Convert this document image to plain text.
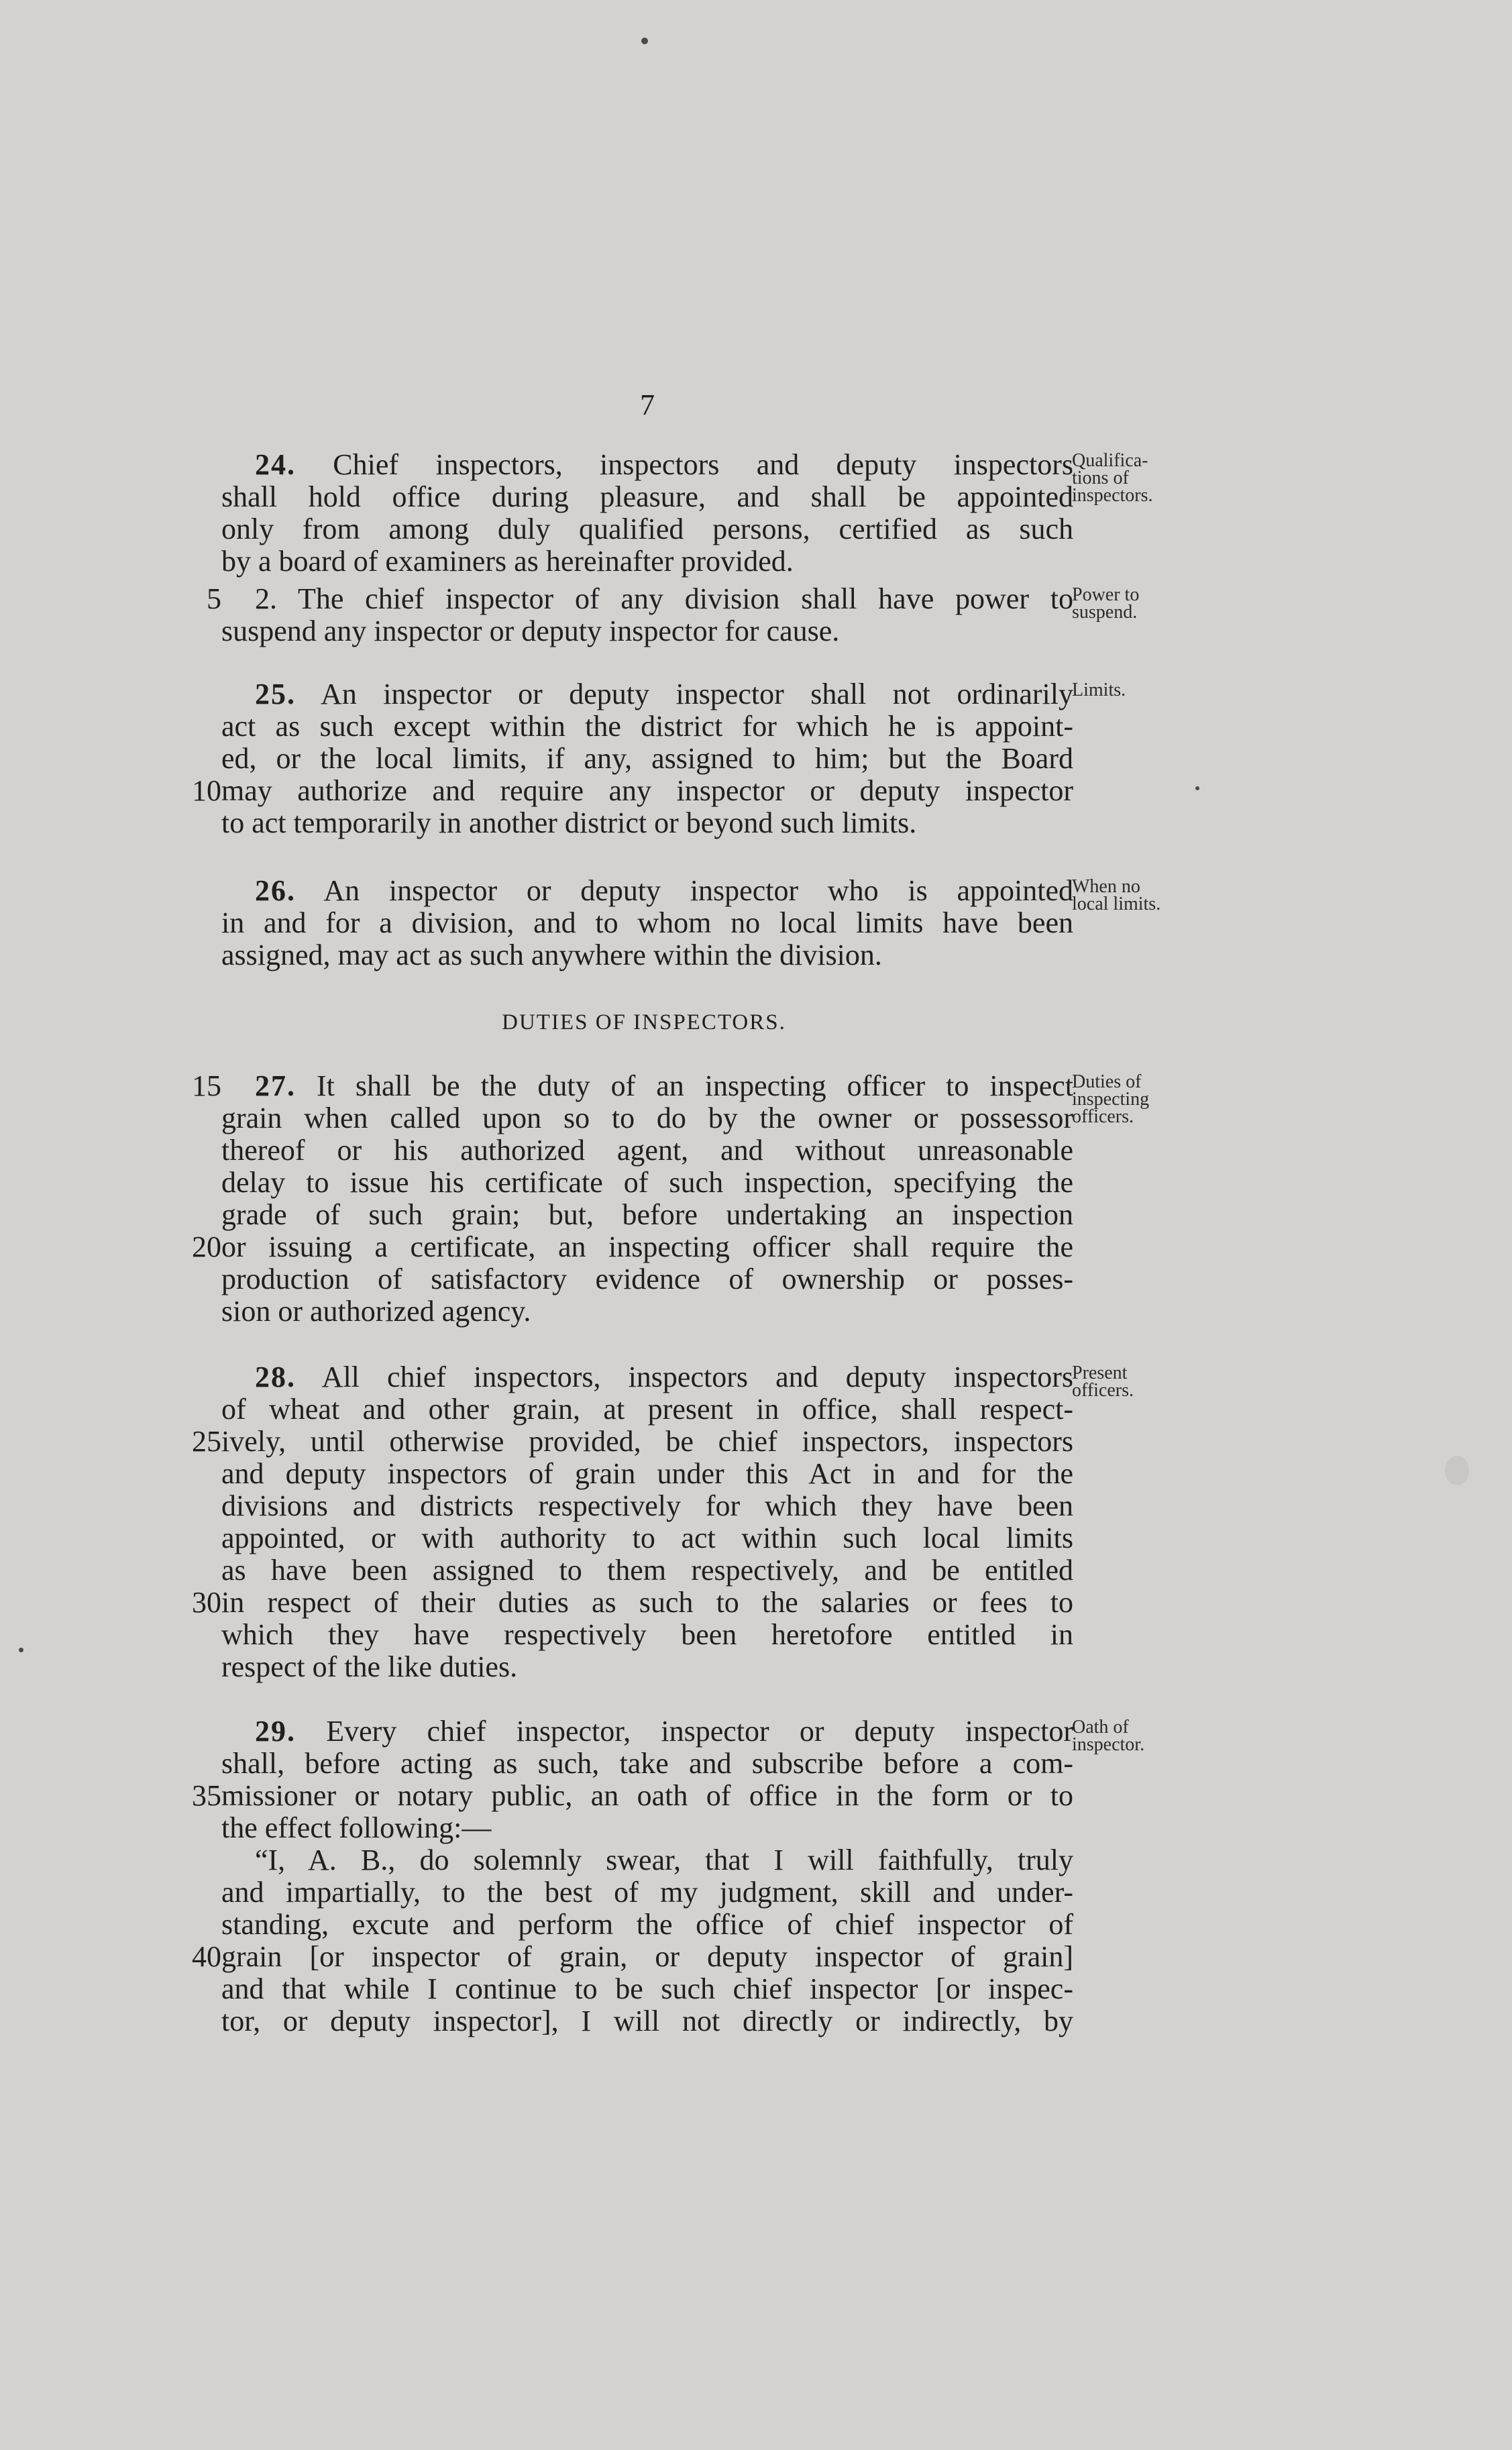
7
DUTIES OF INSPECTORS.
24. Chief inspectors, inspectors and deputy inspectors
shall hold office during pleasure, and shall be appointed
only from among duly qualified persons, certified as such
by a board of examiners as hereinafter provided.
Qualifica-
tions of
inspectors.
5 2. The chief inspector of any division shall have power to
suspend any inspector or deputy inspector for cause.
Power to
suspend.
25. An inspector or deputy inspector shall not ordinarily
act as such except within the district for which he is appoint-
ed, or the local limits, if any, assigned to him; but the Board
10 may authorize and require any inspector or deputy inspector
to act temporarily in another district or beyond such limits.
Limits.
26. An inspector or deputy inspector who is appointed
in and for a division, and to whom no local limits have been
assigned, may act as such anywhere within the division.
When no
local limits.
15 27. It shall be the duty of an inspecting officer to inspect
grain when called upon so to do by the owner or possessor
thereof or his authorized agent, and without unreasonable
delay to issue his certificate of such inspection, specifying the
grade of such grain; but, before undertaking an inspection
20 or issuing a certificate, an inspecting officer shall require the
production of satisfactory evidence of ownership or posses-
sion or authorized agency.
Duties of
inspecting
officers.
28. All chief inspectors, inspectors and deputy inspectors
of wheat and other grain, at present in office, shall respect-
25 ively, until otherwise provided, be chief inspectors, inspectors
and deputy inspectors of grain under this Act in and for the
divisions and districts respectively for which they have been
appointed, or with authority to act within such local limits
as have been assigned to them respectively, and be entitled
30 in respect of their duties as such to the salaries or fees to
which they have respectively been heretofore entitled in
respect of the like duties.
Present
officers.
29. Every chief inspector, inspector or deputy inspector
shall, before acting as such, take and subscribe before a com-
35 missioner or notary public, an oath of office in the form or to
the effect following:—
“I, A. B., do solemnly swear, that I will faithfully, truly
and impartially, to the best of my judgment, skill and under-
standing, excute and perform the office of chief inspector of
40 grain [or inspector of grain, or deputy inspector of grain]
and that while I continue to be such chief inspector [or inspec-
tor, or deputy inspector], I will not directly or indirectly, by
Oath of
inspector.
